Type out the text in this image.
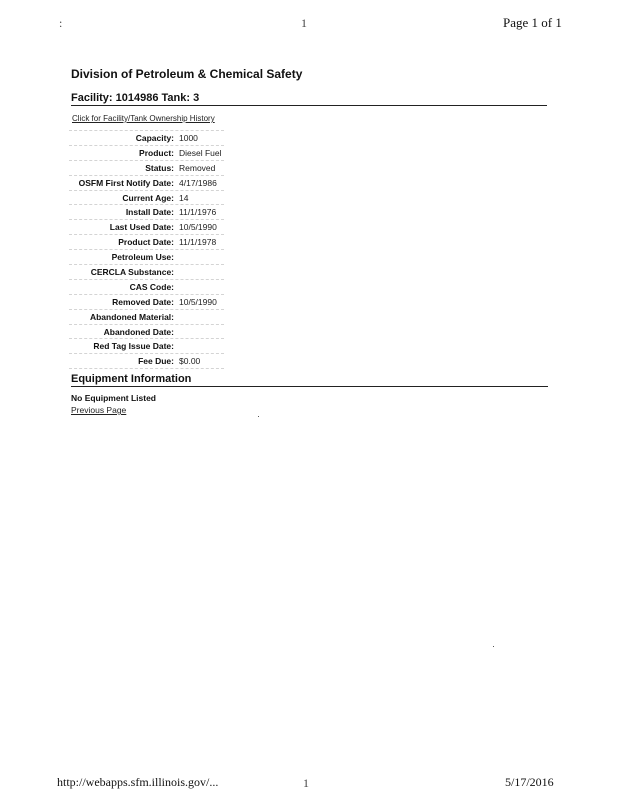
:	1	Page 1 of 1
Division of Petroleum & Chemical Safety
Facility: 1014986 Tank: 3
Click for Facility/Tank Ownership History
Capacity: 1000
Product: Diesel Fuel
Status: Removed
OSFM First Notify Date: 4/17/1986
Current Age: 14
Install Date: 11/1/1976
Last Used Date: 10/5/1990
Product Date: 11/1/1978
Petroleum Use:
CERCLA Substance:
CAS Code:
Removed Date: 10/5/1990
Abandoned Material:
Abandoned Date:
Red Tag Issue Date:
Fee Due: $0.00
Equipment Information
No Equipment Listed
Previous Page
http://webapps.sfm.illinois.gov/...	1	5/17/2016
